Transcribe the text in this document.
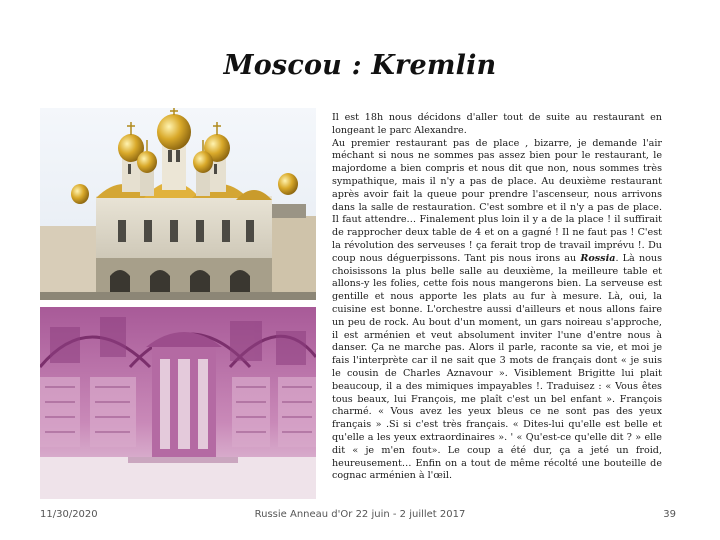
Moscou : Kremlin

Il est 18h nous décidons d'aller tout de suite au restaurant en longeant le parc Alexandre.

Au premier restaurant pas de place , bizarre, je demande l'air méchant si nous ne sommes pas assez bien pour le restaurant, le majordome a bien compris et nous dit que non, nous sommes très sympathique, mais il n'y a pas de place. Au deuxième restaurant après avoir fait la queue pour prendre l'ascenseur, nous arrivons dans la salle de restauration. C'est sombre et il n'y a pas de place. Il faut attendre… Finalement plus loin il y a de la place ! il suffirait de rapprocher deux table de 4 et on a gagné ! Il ne faut pas ! C'est la révolution des serveuses ! ça ferait trop de travail imprévu !. Du coup nous déguerpissons. Tant pis nous irons au Rossia. Là nous choisissons la plus belle salle au deuxième, la meilleure table et allons-y les folies, cette fois nous mangerons bien. La serveuse est gentille et nous apporte les plats au fur à mesure. Là, oui, la cuisine est bonne. L'orchestre aussi d'ailleurs et nous allons faire un peu de rock. Au bout d'un moment, un gars noireau s'approche, il est arménien et veut absolument inviter l'une d'entre nous à danser. Ça ne marche pas. Alors il parle, raconte sa vie, et moi je fais l'interprète car il ne sait que 3 mots de français dont « je suis le cousin de Charles Aznavour ». Visiblement Brigitte lui plait beaucoup, il a des mimiques impayables !. Traduisez : « Vous êtes tous beaux, lui François, me plaît c'est un bel enfant ». François charmé. « Vous avez les yeux bleus ce ne sont pas des yeux français » .Si si c'est très français. « Dites-lui qu'elle est belle et qu'elle a les yeux extraordinaires ». ' « Qu'est-ce qu'elle dit ? » elle dit « je m'en fout». Le coup a été dur, ça a jeté un froid, heureusement… Enfin on a tout de même récolté une bouteille de cognac arménien à l'œil.

11/30/2020	Russie Anneau d'Or 22 juin - 2 juillet 2017	39
